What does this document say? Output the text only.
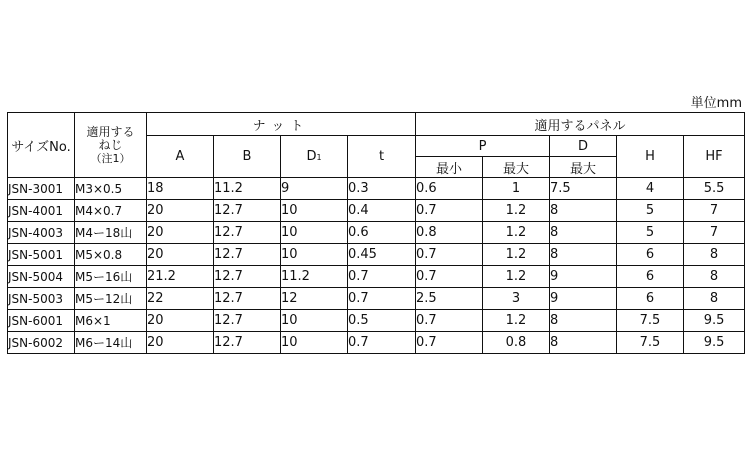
単位mm
サイズNo.	適用する
ねじ
（注1）	ナット				適用するパネル				
		A	B	D1	t	P		D	H	HF
						最小	最大	最大		
JSN-3001	M3×0.5	18	11.2	9	0.3	0.6	1	7.5	4	5.5
JSN-4001	M4×0.7	20	12.7	10	0.4	0.7	1.2	8	5	7
JSN-4003	M4ー18山	20	12.7	10	0.6	0.8	1.2	8	5	7
JSN-5001	M5×0.8	20	12.7	10	0.45	0.7	1.2	8	6	8
JSN-5004	M5ー16山	21.2	12.7	11.2	0.7	0.7	1.2	9	6	8
JSN-5003	M5ー12山	22	12.7	12	0.7	2.5	3	9	6	8
JSN-6001	M6×1	20	12.7	10	0.5	0.7	1.2	8	7.5	9.5
JSN-6002	M6ー14山	20	12.7	10	0.7	0.7	0.8	8	7.5	9.5
